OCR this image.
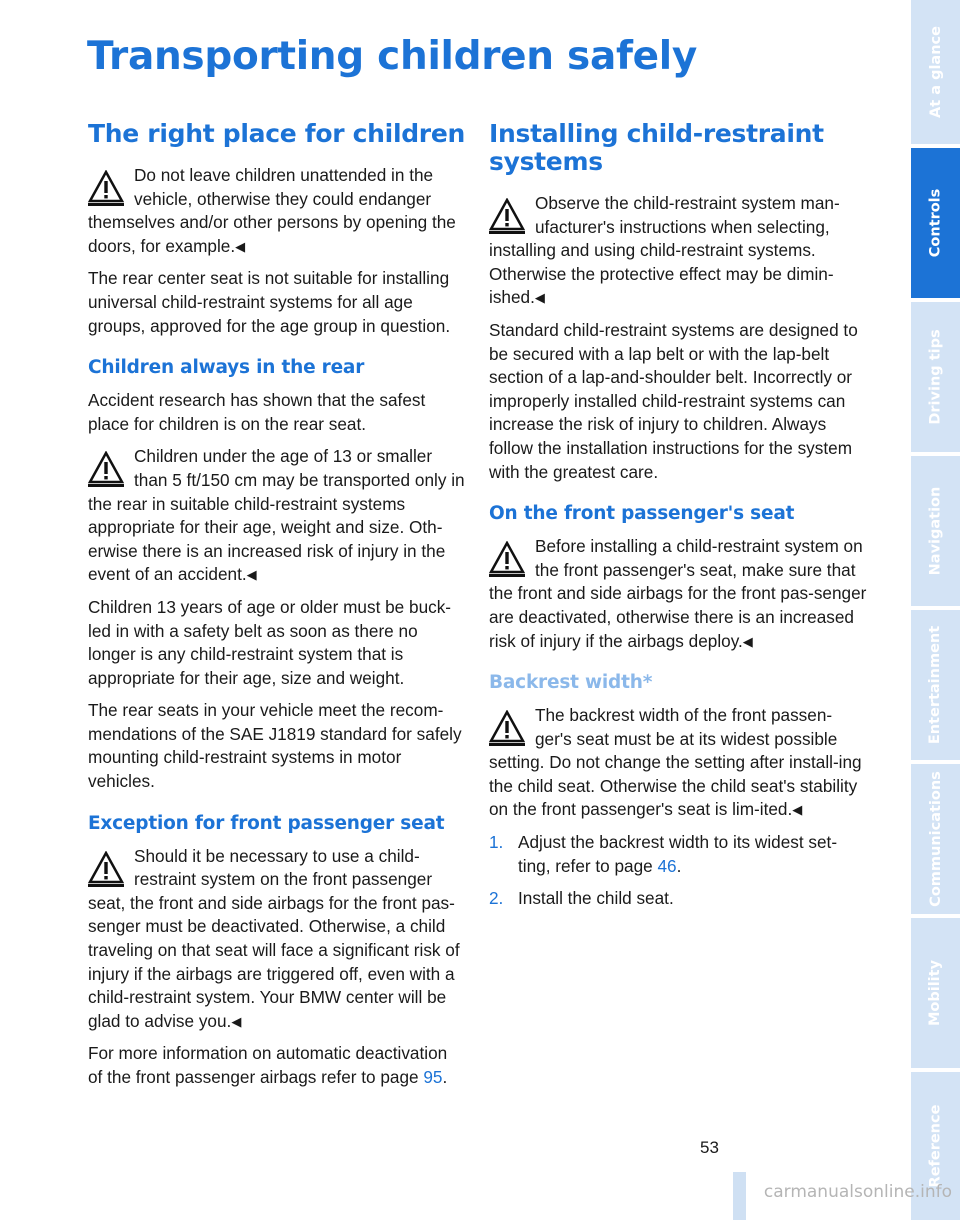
Transporting children safely
The right place for children
Do not leave children unattended in the vehicle, otherwise they could endanger themselves and/or other persons by opening the doors, for example.◀

The rear center seat is not suitable for installing universal child-restraint systems for all age groups, approved for the age group in question.

Children always in the rear

Accident research has shown that the safest place for children is on the rear seat.

Children under the age of 13 or smaller than 5 ft/150 cm may be transported only in the rear in suitable child-restraint systems appropriate for their age, weight and size. Oth-erwise there is an increased risk of injury in the event of an accident.◀

Children 13 years of age or older must be buck-led in with a safety belt as soon as there no longer is any child-restraint system that is appropriate for their age, size and weight.

The rear seats in your vehicle meet the recom-mendations of the SAE J1819 standard for safely mounting child-restraint systems in motor vehicles.

Exception for front passenger seat
Should it be necessary to use a child-restraint system on the front passenger seat, the front and side airbags for the front pas-senger must be deactivated. Otherwise, a child traveling on that seat will face a significant risk of injury if the airbags are triggered off, even with a child-restraint system. Your BMW center will be glad to advise you.◀

For more information on automatic deactivation of the front passenger airbags refer to page 95.

Installing child-restraint systems
Observe the child-restraint system man-ufacturer's instructions when selecting, installing and using child-restraint systems. Otherwise the protective effect may be dimin-ished.◀

Standard child-restraint systems are designed to be secured with a lap belt or with the lap-belt section of a lap-and-shoulder belt. Incorrectly or improperly installed child-restraint systems can increase the risk of injury to children. Always follow the installation instructions for the system with the greatest care.

On the front passenger's seat
Before installing a child-restraint system on the front passenger's seat, make sure that the front and side airbags for the front pas-senger are deactivated, otherwise there is an increased risk of injury if the airbags deploy.◀
Backrest width*
The backrest width of the front passen-ger's seat must be at its widest possible setting. Do not change the setting after install-ing the child seat. Otherwise the child seat's stability on the front passenger's seat is lim-ited.◀
1. Adjust the backrest width to its widest set-ting, refer to page 46.
2. Install the child seat.
At a glance
Controls
Driving tips
Navigation
Entertainment
Communications
Mobility
Reference
53
carmanualsonline.info
